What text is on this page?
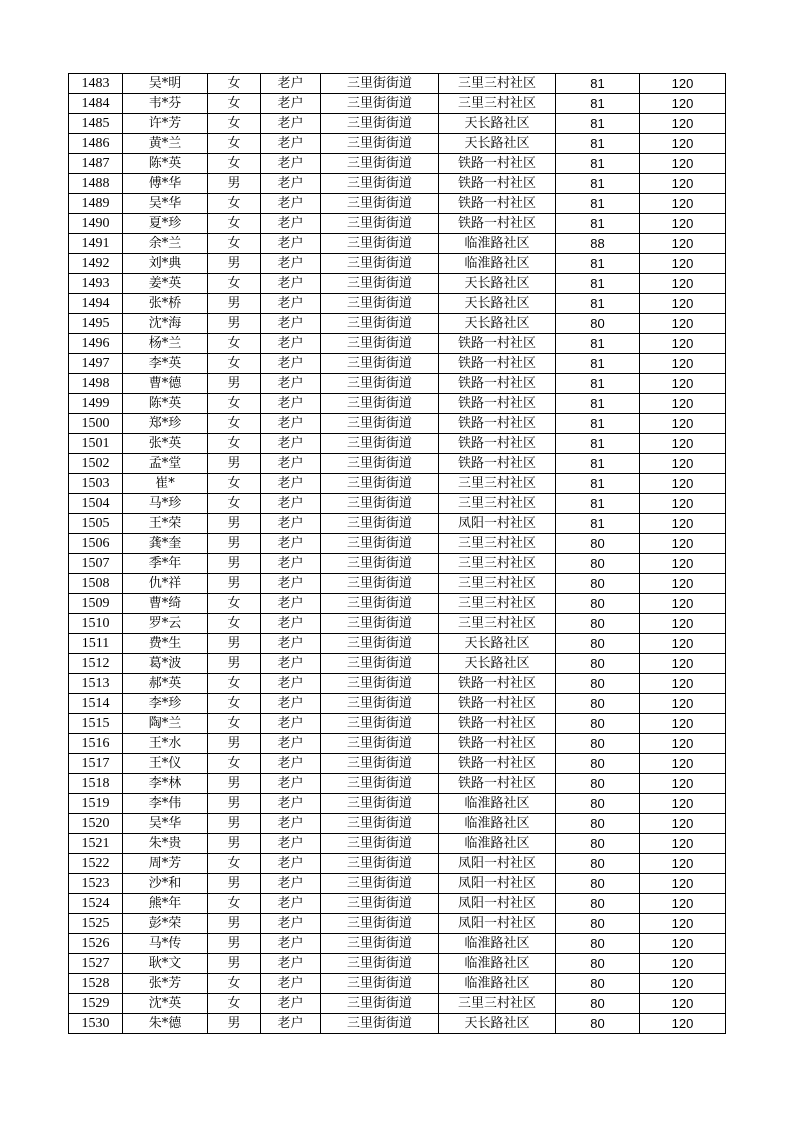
1483	吴*明	女	老户	三里街街道	三里三村社区	81	120
1484	韦*芬	女	老户	三里街街道	三里三村社区	81	120
1485	许*芳	女	老户	三里街街道	天长路社区	81	120
1486	黄*兰	女	老户	三里街街道	天长路社区	81	120
1487	陈*英	女	老户	三里街街道	铁路一村社区	81	120
1488	傅*华	男	老户	三里街街道	铁路一村社区	81	120
1489	吴*华	女	老户	三里街街道	铁路一村社区	81	120
1490	夏*珍	女	老户	三里街街道	铁路一村社区	81	120
1491	余*兰	女	老户	三里街街道	临淮路社区	88	120
1492	刘*典	男	老户	三里街街道	临淮路社区	81	120
1493	姜*英	女	老户	三里街街道	天长路社区	81	120
1494	张*桥	男	老户	三里街街道	天长路社区	81	120
1495	沈*海	男	老户	三里街街道	天长路社区	80	120
1496	杨*兰	女	老户	三里街街道	铁路一村社区	81	120
1497	李*英	女	老户	三里街街道	铁路一村社区	81	120
1498	曹*德	男	老户	三里街街道	铁路一村社区	81	120
1499	陈*英	女	老户	三里街街道	铁路一村社区	81	120
1500	郑*珍	女	老户	三里街街道	铁路一村社区	81	120
1501	张*英	女	老户	三里街街道	铁路一村社区	81	120
1502	孟*堂	男	老户	三里街街道	铁路一村社区	81	120
1503	崔*	女	老户	三里街街道	三里三村社区	81	120
1504	马*珍	女	老户	三里街街道	三里三村社区	81	120
1505	王*荣	男	老户	三里街街道	凤阳一村社区	81	120
1506	龚*奎	男	老户	三里街街道	三里三村社区	80	120
1507	季*年	男	老户	三里街街道	三里三村社区	80	120
1508	仇*祥	男	老户	三里街街道	三里三村社区	80	120
1509	曹*绮	女	老户	三里街街道	三里三村社区	80	120
1510	罗*云	女	老户	三里街街道	三里三村社区	80	120
1511	费*生	男	老户	三里街街道	天长路社区	80	120
1512	葛*波	男	老户	三里街街道	天长路社区	80	120
1513	郝*英	女	老户	三里街街道	铁路一村社区	80	120
1514	李*珍	女	老户	三里街街道	铁路一村社区	80	120
1515	陶*兰	女	老户	三里街街道	铁路一村社区	80	120
1516	王*水	男	老户	三里街街道	铁路一村社区	80	120
1517	王*仪	女	老户	三里街街道	铁路一村社区	80	120
1518	李*林	男	老户	三里街街道	铁路一村社区	80	120
1519	李*伟	男	老户	三里街街道	临淮路社区	80	120
1520	吴*华	男	老户	三里街街道	临淮路社区	80	120
1521	朱*贵	男	老户	三里街街道	临淮路社区	80	120
1522	周*芳	女	老户	三里街街道	凤阳一村社区	80	120
1523	沙*和	男	老户	三里街街道	凤阳一村社区	80	120
1524	熊*年	女	老户	三里街街道	凤阳一村社区	80	120
1525	彭*荣	男	老户	三里街街道	凤阳一村社区	80	120
1526	马*传	男	老户	三里街街道	临淮路社区	80	120
1527	耿*文	男	老户	三里街街道	临淮路社区	80	120
1528	张*芳	女	老户	三里街街道	临淮路社区	80	120
1529	沈*英	女	老户	三里街街道	三里三村社区	80	120
1530	朱*德	男	老户	三里街街道	天长路社区	80	120
